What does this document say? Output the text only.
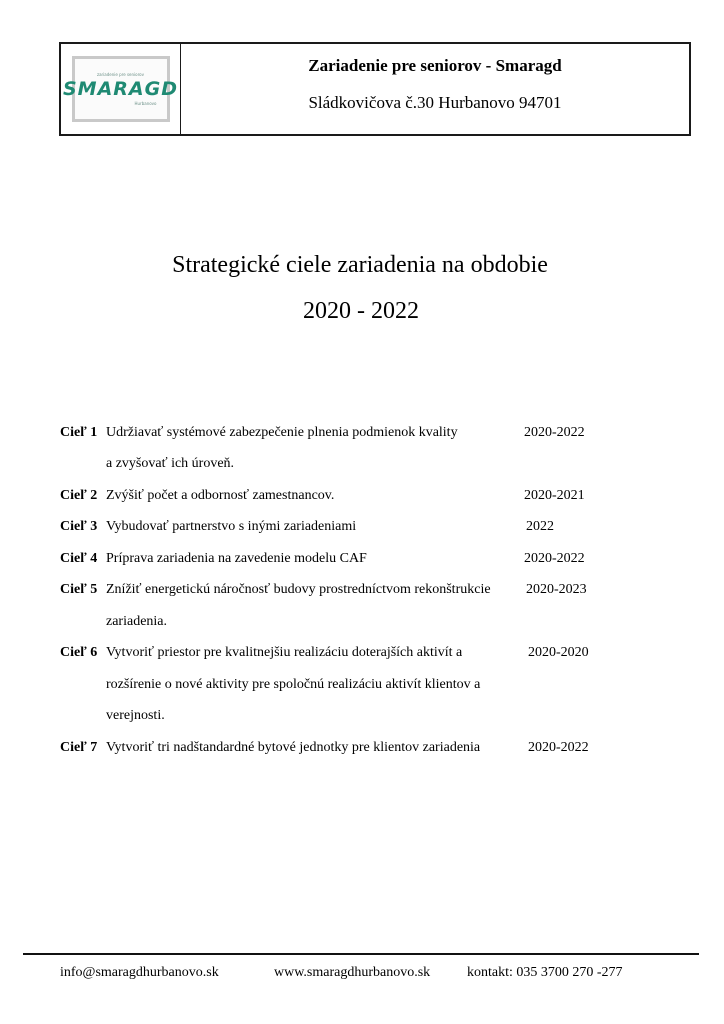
zariadenie pre seniorov
SMARAGD
Hurbanovo
Zariadenie pre seniorov - Smaragd
Sládkovičova č.30 Hurbanovo 94701
Strategické ciele zariadenia na obdobie
2020 - 2022
Cieľ 1 Udržiavať systémové zabezpečenie plnenia podmienok kvality	2020-2022
a zvyšovať ich úroveň.
Cieľ 2 Zvýšiť počet a odbornosť zamestnancov.	2020-2021
Cieľ 3 Vybudovať partnerstvo s inými zariadeniami	2022
Cieľ 4 Príprava zariadenia na zavedenie modelu CAF	2020-2022
Cieľ 5 Znížiť energetickú náročnosť budovy prostredníctvom rekonštrukcie	2020-2023
zariadenia.
Cieľ 6 Vytvoriť priestor pre kvalitnejšiu realizáciu doterajších aktivít a	2020-2020
rozšírenie o nové aktivity pre spoločnú realizáciu aktivít klientov a
verejnosti.
Cieľ 7 Vytvoriť tri nadštandardné bytové jednotky pre klientov zariadenia	2020-2022
info@smaragdhurbanovo.sk	www.smaragdhurbanovo.sk	kontakt: 035 3700 270 -277
